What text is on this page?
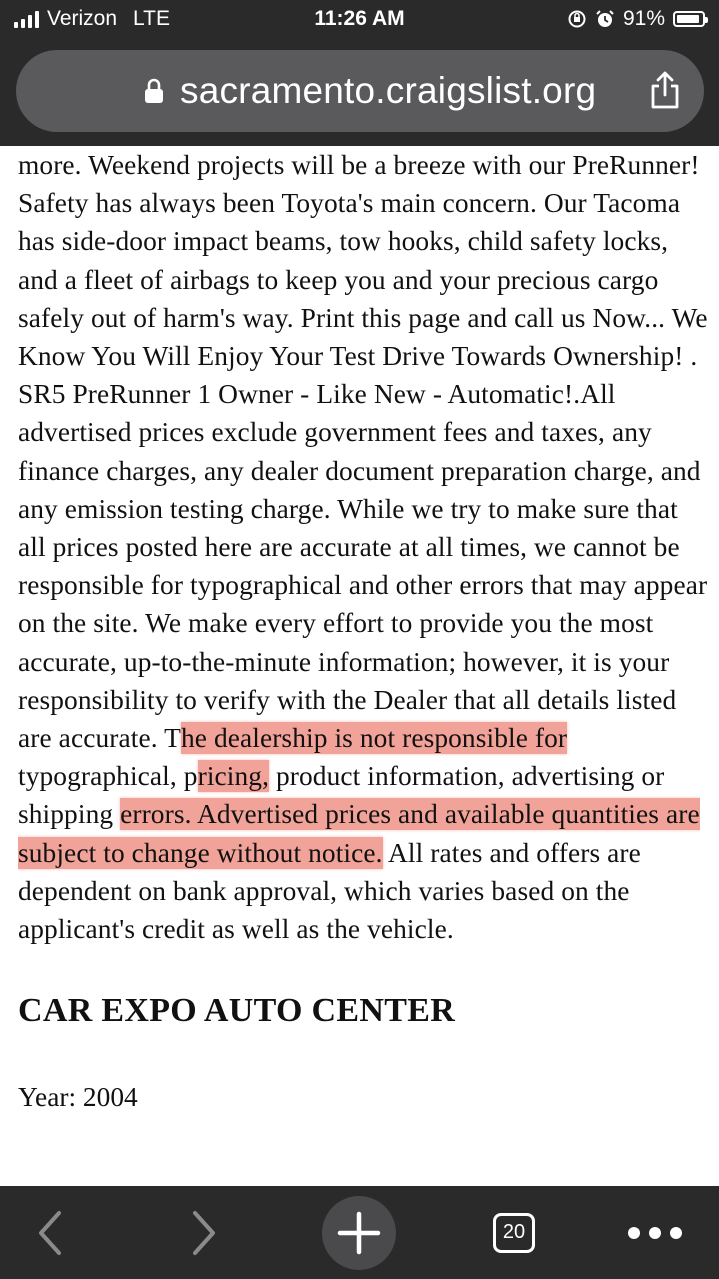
Verizon LTE	11:26 AM	91%
sacramento.craigslist.org

more. Weekend projects will be a breeze with our PreRunner! Safety has always been Toyota's main concern. Our Tacoma has side-door impact beams, tow hooks, child safety locks, and a fleet of airbags to keep you and your precious cargo safely out of harm's way. Print this page and call us Now... We Know You Will Enjoy Your Test Drive Towards Ownership! . SR5 PreRunner 1 Owner - Like New - Automatic!.All advertised prices exclude government fees and taxes, any finance charges, any dealer document preparation charge, and any emission testing charge. While we try to make sure that all prices posted here are accurate at all times, we cannot be responsible for typographical and other errors that may appear on the site. We make every effort to provide you the most accurate, up-to-the-minute information; however, it is your responsibility to verify with the Dealer that all details listed are accurate. The dealership is not responsible for typographical, pricing, product information, advertising or shipping errors. Advertised prices and available quantities are subject to change without notice. All rates and offers are dependent on bank approval, which varies based on the applicant's credit as well as the vehicle.

CAR EXPO AUTO CENTER
Year: 2004
20
